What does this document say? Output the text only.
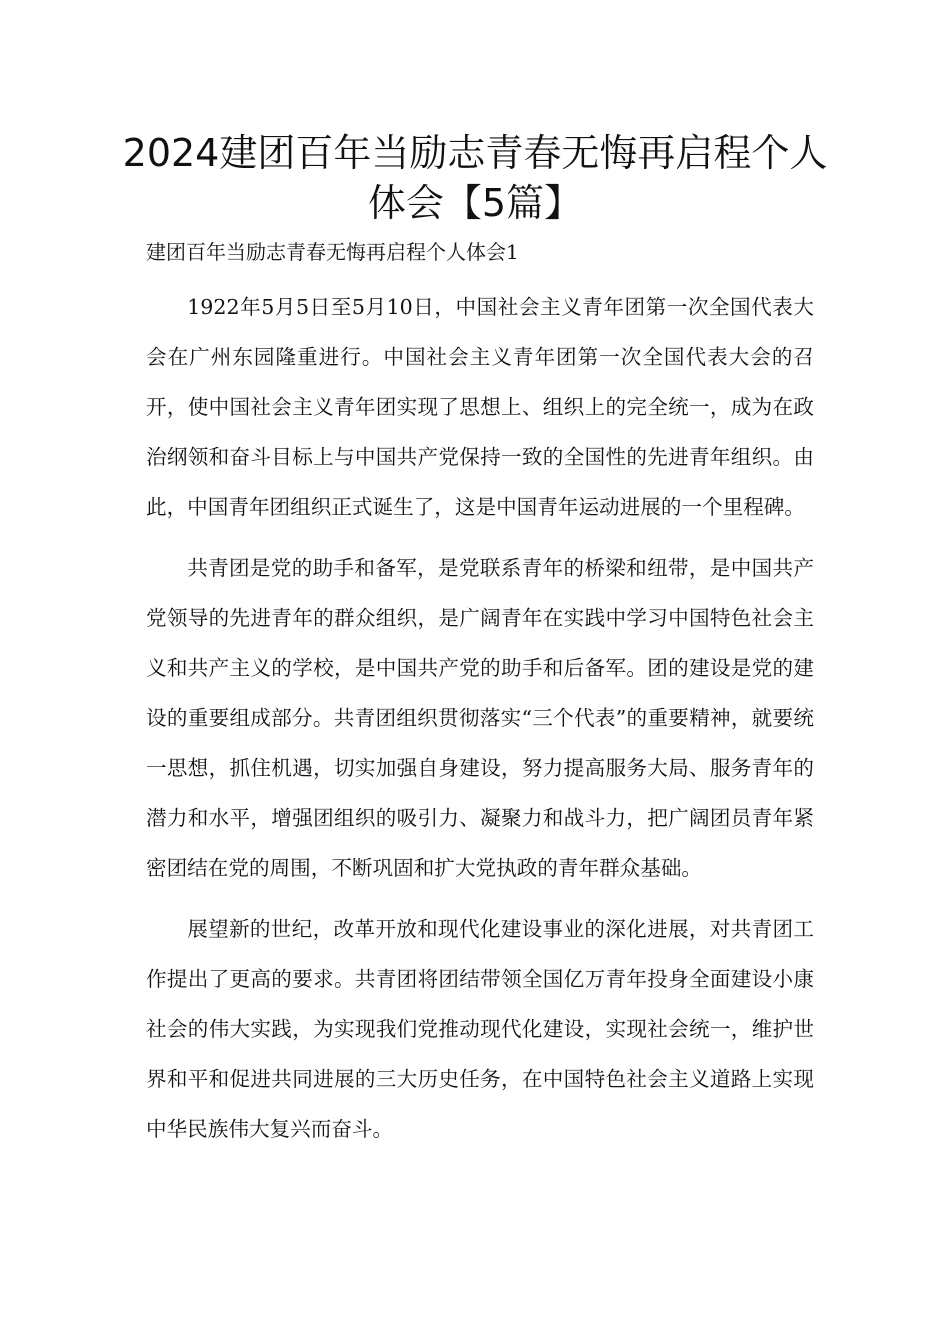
2024建团百年当励志青春无悔再启程个人体会【5篇】
建团百年当励志青春无悔再启程个人体会1

1922年5月5日至5月10日，中国社会主义青年团第一次全国代表大会在广州东园隆重进行。中国社会主义青年团第一次全国代表大会的召开，使中国社会主义青年团实现了思想上、组织上的完全统一，成为在政治纲领和奋斗目标上与中国共产党保持一致的全国性的先进青年组织。由此，中国青年团组织正式诞生了，这是中国青年运动进展的一个里程碑。

共青团是党的助手和备军，是党联系青年的桥梁和纽带，是中国共产党领导的先进青年的群众组织，是广阔青年在实践中学习中国特色社会主义和共产主义的学校，是中国共产党的助手和后备军。团的建设是党的建设的重要组成部分。共青团组织贯彻落实“三个代表”的重要精神，就要统一思想，抓住机遇，切实加强自身建设，努力提高服务大局、服务青年的潜力和水平，增强团组织的吸引力、凝聚力和战斗力，把广阔团员青年紧密团结在党的周围，不断巩固和扩大党执政的青年群众基础。

展望新的世纪，改革开放和现代化建设事业的深化进展，对共青团工作提出了更高的要求。共青团将团结带领全国亿万青年投身全面建设小康社会的伟大实践，为实现我们党推动现代化建设，实现社会统一，维护世界和平和促进共同进展的三大历史任务，在中国特色社会主义道路上实现中华民族伟大复兴而奋斗。
